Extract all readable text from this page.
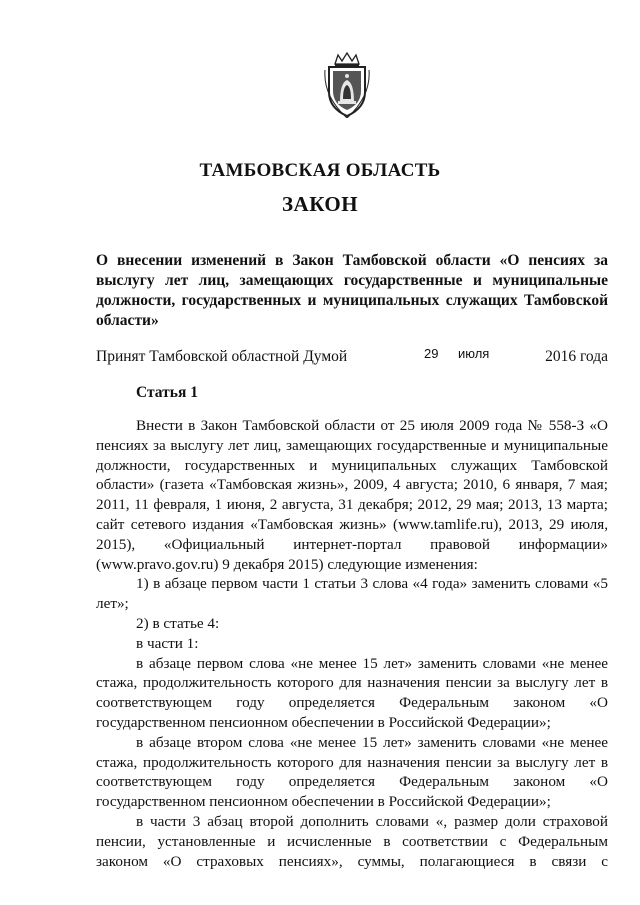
ТАМБОВСКАЯ ОБЛАСТЬ
ЗАКОН
О внесении изменений в Закон Тамбовской области «О пенсиях за выслугу лет лиц, замещающих государственные и муниципальные должности, государственных и муниципальных служащих Тамбовской области»
Принят Тамбовской областной Думой	29 июля	2016 года
Статья 1

Внести в Закон Тамбовской области от 25 июля 2009 года № 558-З «О пенсиях за выслугу лет лиц, замещающих государственные и муниципальные должности, государственных и муниципальных служащих Тамбовской области» (газета «Тамбовская жизнь», 2009, 4 августа; 2010, 6 января, 7 мая; 2011, 11 февраля, 1 июня, 2 августа, 31 декабря; 2012, 29 мая; 2013, 13 марта; сайт сетевого издания «Тамбовская жизнь» (www.tamlife.ru), 2013, 29 июля, 2015), «Официальный интернет-портал правовой информации» (www.pravo.gov.ru) 9 декабря 2015) следующие изменения:

1) в абзаце первом части 1 статьи 3 слова «4 года» заменить словами «5 лет»;

2) в статье 4:

в части 1:

в абзаце первом слова «не менее 15 лет» заменить словами «не менее стажа, продолжительность которого для назначения пенсии за выслугу лет в соответствующем году определяется Федеральным законом «О государственном пенсионном обеспечении в Российской Федерации»;

в абзаце втором слова «не менее 15 лет» заменить словами «не менее стажа, продолжительность которого для назначения пенсии за выслугу лет в соответствующем году определяется Федеральным законом «О государственном пенсионном обеспечении в Российской Федерации»;

в части 3 абзац второй дополнить словами «, размер доли страховой пенсии, установленные и исчисленные в соответствии с Федеральным законом «О страховых пенсиях», суммы, полагающиеся в связи с
